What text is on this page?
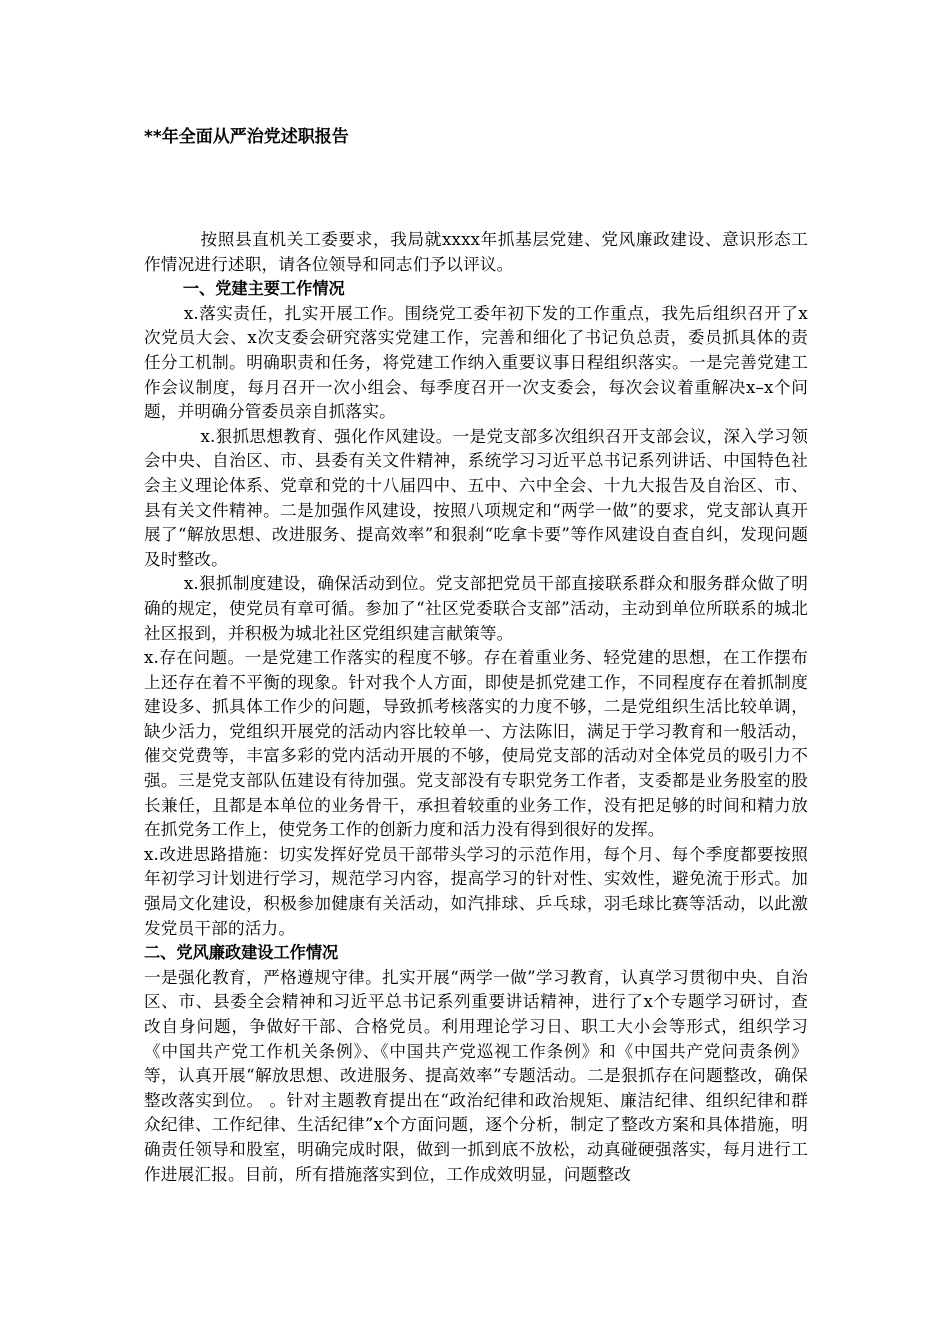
**年全面从严治党述职报告

按照县直机关工委要求，我局就xxxx年抓基层党建、党风廉政建设、意识形态工作情况进行述职，请各位领导和同志们予以评议。

一、党建主要工作情况

x.落实责任，扎实开展工作。围绕党工委年初下发的工作重点，我先后组织召开了x次党员大会、x次支委会研究落实党建工作，完善和细化了书记负总责，委员抓具体的责任分工机制。明确职责和任务，将党建工作纳入重要议事日程组织落实。一是完善党建工作会议制度，每月召开一次小组会、每季度召开一次支委会，每次会议着重解决x–x个问题，并明确分管委员亲自抓落实。

x.狠抓思想教育、强化作风建设。一是党支部多次组织召开支部会议，深入学习领会中央、自治区、市、县委有关文件精神，系统学习习近平总书记系列讲话、中国特色社会主义理论体系、党章和党的十八届四中、五中、六中全会、十九大报告及自治区、市、县有关文件精神。二是加强作风建设，按照八项规定和“两学一做”的要求，党支部认真开展了“解放思想、改进服务、提高效率”和狠刹“吃拿卡要”等作风建设自查自纠，发现问题及时整改。

x.狠抓制度建设，确保活动到位。党支部把党员干部直接联系群众和服务群众做了明确的规定，使党员有章可循。参加了“社区党委联合支部”活动，主动到单位所联系的城北社区报到，并积极为城北社区党组织建言献策等。

x.存在问题。一是党建工作落实的程度不够。存在着重业务、轻党建的思想，在工作摆布上还存在着不平衡的现象。针对我个人方面，即使是抓党建工作，不同程度存在着抓制度建设多、抓具体工作少的问题，导致抓考核落实的力度不够，二是党组织生活比较单调，缺少活力，党组织开展党的活动内容比较单一、方法陈旧，满足于学习教育和一般活动，催交党费等，丰富多彩的党内活动开展的不够，使局党支部的活动对全体党员的吸引力不强。三是党支部队伍建设有待加强。党支部没有专职党务工作者，支委都是业务股室的股长兼任，且都是本单位的业务骨干，承担着较重的业务工作，没有把足够的时间和精力放在抓党务工作上，使党务工作的创新力度和活力没有得到很好的发挥。

x.改进思路措施：切实发挥好党员干部带头学习的示范作用，每个月、每个季度都要按照年初学习计划进行学习，规范学习内容，提高学习的针对性、实效性，避免流于形式。加强局文化建设，积极参加健康有关活动，如汽排球、乒乓球，羽毛球比赛等活动，以此激发党员干部的活力。

二、党风廉政建设工作情况

一是强化教育，严格遵规守律。扎实开展“两学一做”学习教育，认真学习贯彻中央、自治区、市、县委全会精神和习近平总书记系列重要讲话精神，进行了x个专题学习研讨，查改自身问题，争做好干部、合格党员。利用理论学习日、职工大小会等形式，组织学习《中国共产党工作机关条例》、《中国共产党巡视工作条例》和《中国共产党问责条例》等，认真开展“解放思想、改进服务、提高效率”专题活动。二是狠抓存在问题整改，确保整改落实到位。 。针对主题教育提出在“政治纪律和政治规矩、廉洁纪律、组织纪律和群众纪律、工作纪律、生活纪律”x个方面问题，逐个分析，制定了整改方案和具体措施，明确责任领导和股室，明确完成时限，做到一抓到底不放松，动真碰硬强落实，每月进行工作进展汇报。目前，所有措施落实到位，工作成效明显，问题整改
